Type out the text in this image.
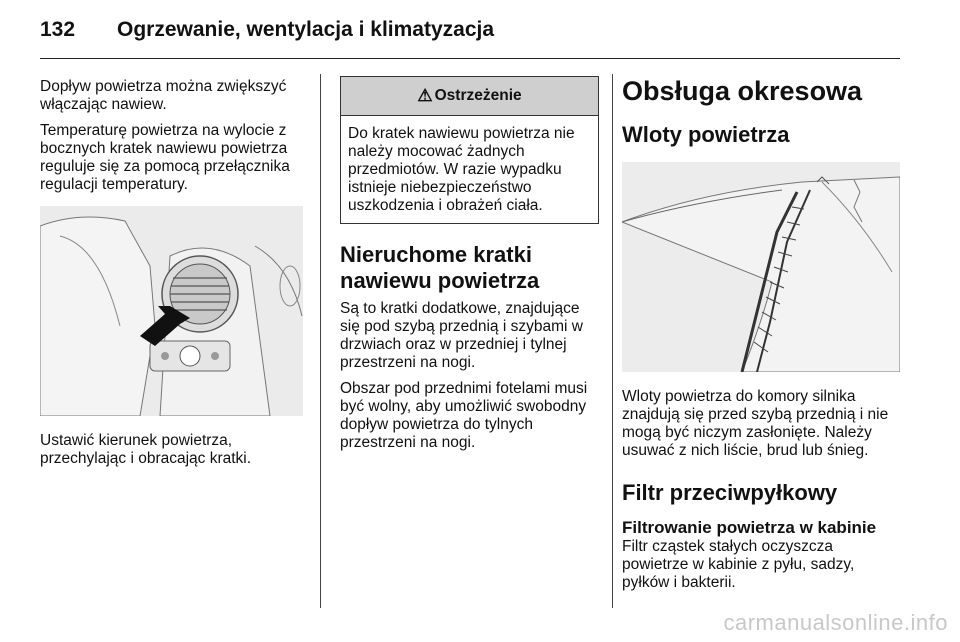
132	Ogrzewanie, wentylacja i klimatyzacja

Dopływ powietrza można zwiększyć włączając nawiew.

Temperaturę powietrza na wylocie z bocznych kratek nawiewu powietrza reguluje się za pomocą przełącznika regulacji temperatury.

Ustawić kierunek powietrza, przechylając i obracając kratki.

⚠ Ostrzeżenie
Do kratek nawiewu powietrza nie należy mocować żadnych przedmiotów. W razie wypadku istnieje niebezpieczeństwo uszkodzenia i obrażeń ciała.
Nieruchome kratki nawiewu powietrza

Są to kratki dodatkowe, znajdujące się pod szybą przednią i szybami w drzwiach oraz w przedniej i tylnej przestrzeni na nogi.

Obszar pod przednimi fotelami musi być wolny, aby umożliwić swobodny dopływ powietrza do tylnych przestrzeni na nogi.

Obsługa okresowa
Wloty powietrza

Wloty powietrza do komory silnika znajdują się przed szybą przednią i nie mogą być niczym zasłonięte. Należy usuwać z nich liście, brud lub śnieg.

Filtr przeciwpyłkowy
Filtrowanie powietrza w kabinie

Filtr cząstek stałych oczyszcza powietrze w kabinie z pyłu, sadzy, pyłków i bakterii.

carmanualsonline.info
